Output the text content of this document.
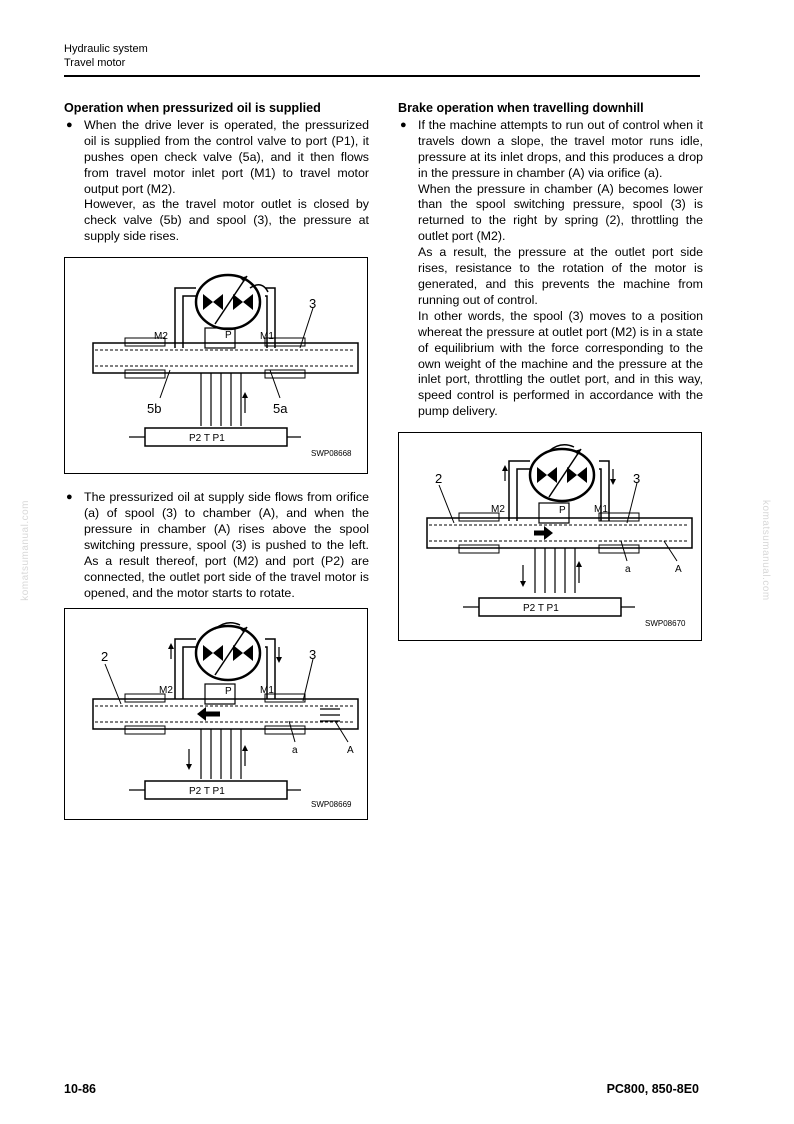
Hydraulic system
Travel motor
komatsumanual.com	komatsumanual.com
Operation when pressurized oil is supplied

● When the drive lever is operated, the pressurized oil is supplied from the control valve to port (P1), it pushes open check valve (5a), and it then flows from travel motor inlet port (M1) to travel motor output port (M2).

However, as the travel motor outlet is closed by check valve (5b) and spool (3), the pressure at supply side rises.

M2	P	M1
3
5b	5a
P2 T P1
SWP08668

● The pressurized oil at supply side flows from orifice (a) of spool (3) to chamber (A), and when the pressure in chamber (A) rises above the spool switching pressure, spool (3) is pushed to the left. As a result thereof, port (M2) and port (P2) are connected, the outlet port side of the travel motor is opened, and the motor starts to rotate.

2	3
M2	P	M1
a	A
P2 T P1
SWP08669
Brake operation when travelling downhill

● If the machine attempts to run out of control when it travels down a slope, the travel motor runs idle, pressure at its inlet drops, and this produces a drop in the pressure in chamber (A) via orifice (a).

When the pressure in chamber (A) becomes lower than the spool switching pressure, spool (3) is returned to the right by spring (2), throttling the outlet port (M2).

As a result, the pressure at the outlet port side rises, resistance to the rotation of the motor is generated, and this prevents the machine from running out of control.

In other words, the spool (3) moves to a position whereat the pressure at outlet port (M2) is in a state of equilibrium with the force corresponding to the own weight of the machine and the pressure at the inlet port, throttling the outlet port, and in this way, speed control is performed in accordance with the pump delivery.

2	3
M2	P	M1
a	A
P2 T P1
SWP08670
10-86	PC800, 850-8E0
